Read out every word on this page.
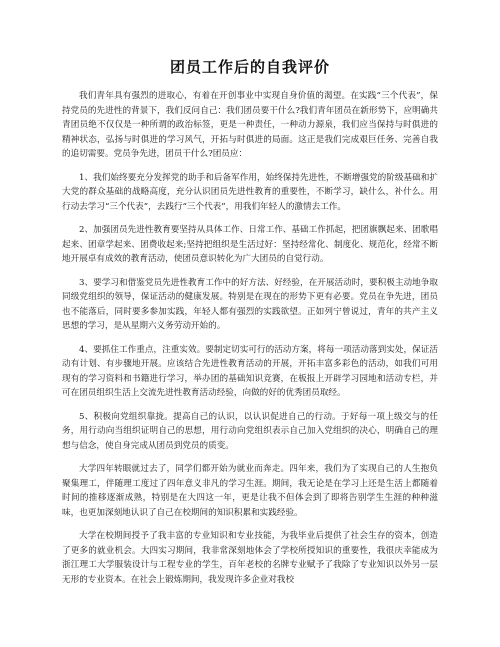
团员工作后的自我评价

我们青年具有强烈的进取心，有着在开创事业中实现自身价值的渴望。在实践“三个代表”，保持党员的先进性的背景下，我们反问自己：我们团员要干什么?我们青年团员在新形势下，应明确共青团员绝不仅仅是一种所谓的政治标签，更是一种责任，一种动力源泉，我们应当保持与时俱进的精神状态，弘扬与时俱进的学习风气，开拓与时俱进的局面。这正是我们完成艰巨任务、完善自我的追切需要。党员争先进，团员干什么?团员应：

1、我们始终要充分发挥党的助手和后备军作用，始终保持先进性，不断增强党的阶级基础和扩大党的群众基础的战略高度，充分认识团员先进性教育的重要性，不断学习，缺什么，补什么。用行动去学习“三个代表”，去践行“三个代表”，用我们年轻人的激情去工作。

2、加强团员先进性教育要坚持从具体工作、日常工作、基础工作抓起，把团旗飘起来、团歌唱起来、团章学起来、团费收起来;坚持把组织是生活过好：坚持经常化、制度化、规范化，经常不断地开展卓有成效的教育活动，使团员意识转化为广大团员的自觉行动。

3、要学习和借鉴党员先进性教育工作中的好方法、好经验，在开展活动时，要积极主动地争取同级党组织的领导，保证活动的健康发展。特别是在现在的形势下更有必要。党员在争先进，团员也不能落后，同时要多参加实践，年轻人都有强烈的实践欲望。正如列宁曾说过，青年的共产主义思想的学习，是从星期六义务劳动开始的。

4、要抓住工作重点，注重实效。要制定切实可行的活动方案，将每一项活动落到实处，保证活动有计划、有步骤地开展。应该结合先进性教育活动的开展，开拓丰富多彩色的活动，如我们可用现有的学习资料和书籍进行学习，举办团的基础知识竞赛，在板报上开辟学习园地和活动专栏，并可在团员组织生活上交流先进性教育活动经验，向做的好的优秀团员取经。

5、积极向党组织靠拢。提高自己的认识，以认识促进自己的行动。于好每一项上级交与的任务，用行动向当组织证明自己的思想，用行动向党组织表示自己加入党组织的决心，明确自己的理想与信念，使自身完成从团员到党员的质变。

大学四年转眼就过去了，同学们都开始为就业而奔走。四年来，我们为了实现自己的人生抱负聚集理工，伴随理工度过了四年意义非凡的学习生涯。期间，我无论是在学习上还是生活上都随着时间的推移逐渐成熟，特别是在大四这一年，更是让我不但体会到了即将告别学生生涯的种种滋味，也更加深刻地认识了自己在校期间的知识积累和实践经验。

大学在校期间授予了我丰富的专业知识和专业技能，为我毕业后提供了社会生存的资本，创造了更多的就业机会。大四实习期间，我非常深刻地体会了学校所授知识的重要性，我很庆幸能成为浙江理工大学服装设计与工程专业的学生，百年老校的名牌专业赋予了我除了专业知识以外另一层无形的专业资本。在社会上锻炼期间，我发现许多企业对我校
